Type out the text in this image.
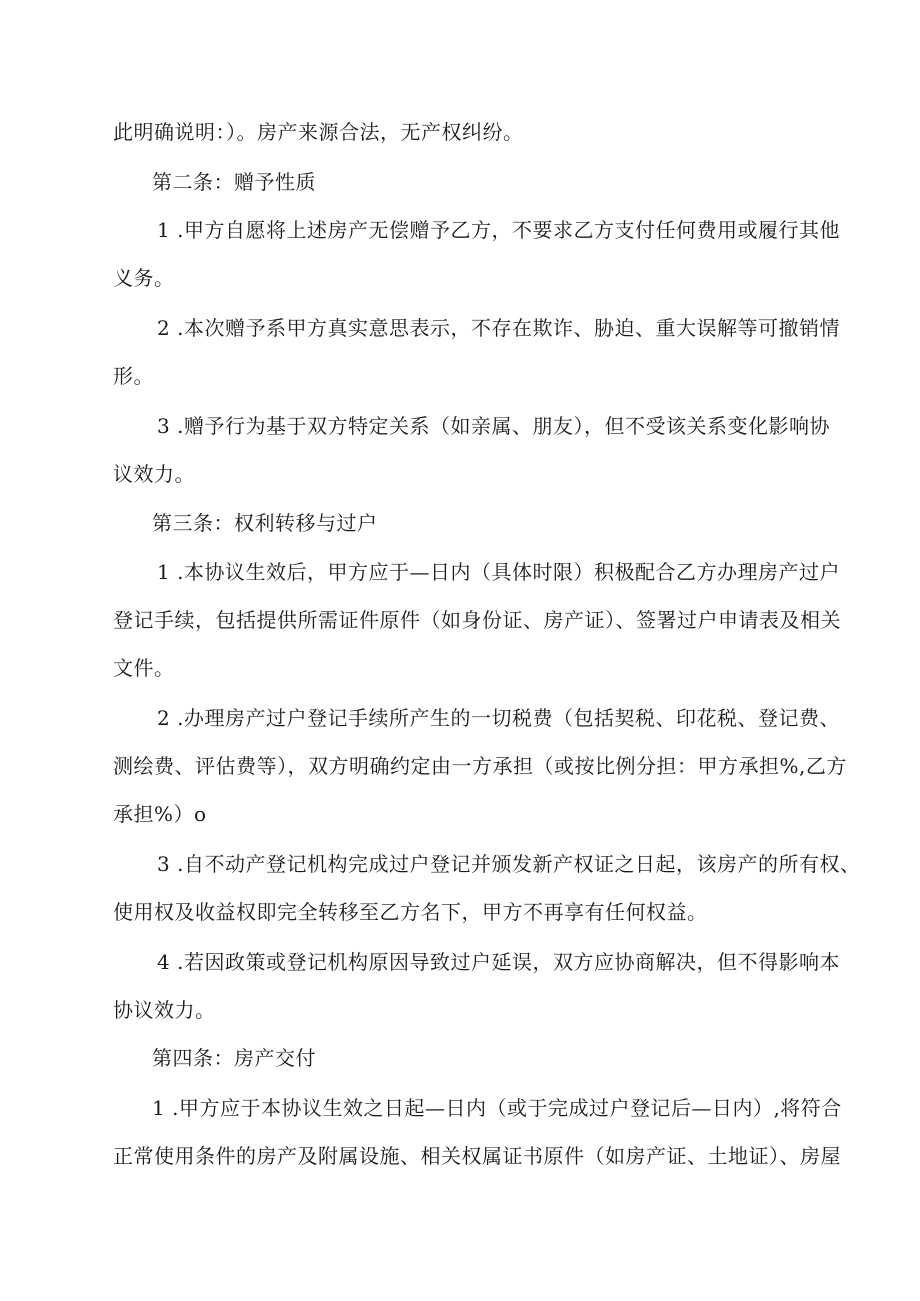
此明确说明：）。房产来源合法，无产权纠纷。

第二条：赠予性质

1 .甲方自愿将上述房产无偿赠予乙方，不要求乙方支付任何费用或履行其他

义务。

2 .本次赠予系甲方真实意思表示，不存在欺诈、胁迫、重大误解等可撤销情

形。

3 .赠予行为基于双方特定关系（如亲属、朋友），但不受该关系变化影响协

议效力。

第三条：权利转移与过户

1 .本协议生效后，甲方应于—日内（具体时限）积极配合乙方办理房产过户

登记手续，包括提供所需证件原件（如身份证、房产证）、签署过户申请表及相关

文件。

2 .办理房产过户登记手续所产生的一切税费（包括契税、印花税、登记费、

测绘费、评估费等），双方明确约定由一方承担（或按比例分担：甲方承担%,乙方

承担%）o

3 .自不动产登记机构完成过户登记并颁发新产权证之日起，该房产的所有权、

使用权及收益权即完全转移至乙方名下，甲方不再享有任何权益。

4 .若因政策或登记机构原因导致过户延误，双方应协商解决，但不得影响本

协议效力。

第四条：房产交付

1 .甲方应于本协议生效之日起—日内（或于完成过户登记后—日内）,将符合

正常使用条件的房产及附属设施、相关权属证书原件（如房产证、土地证）、房屋
